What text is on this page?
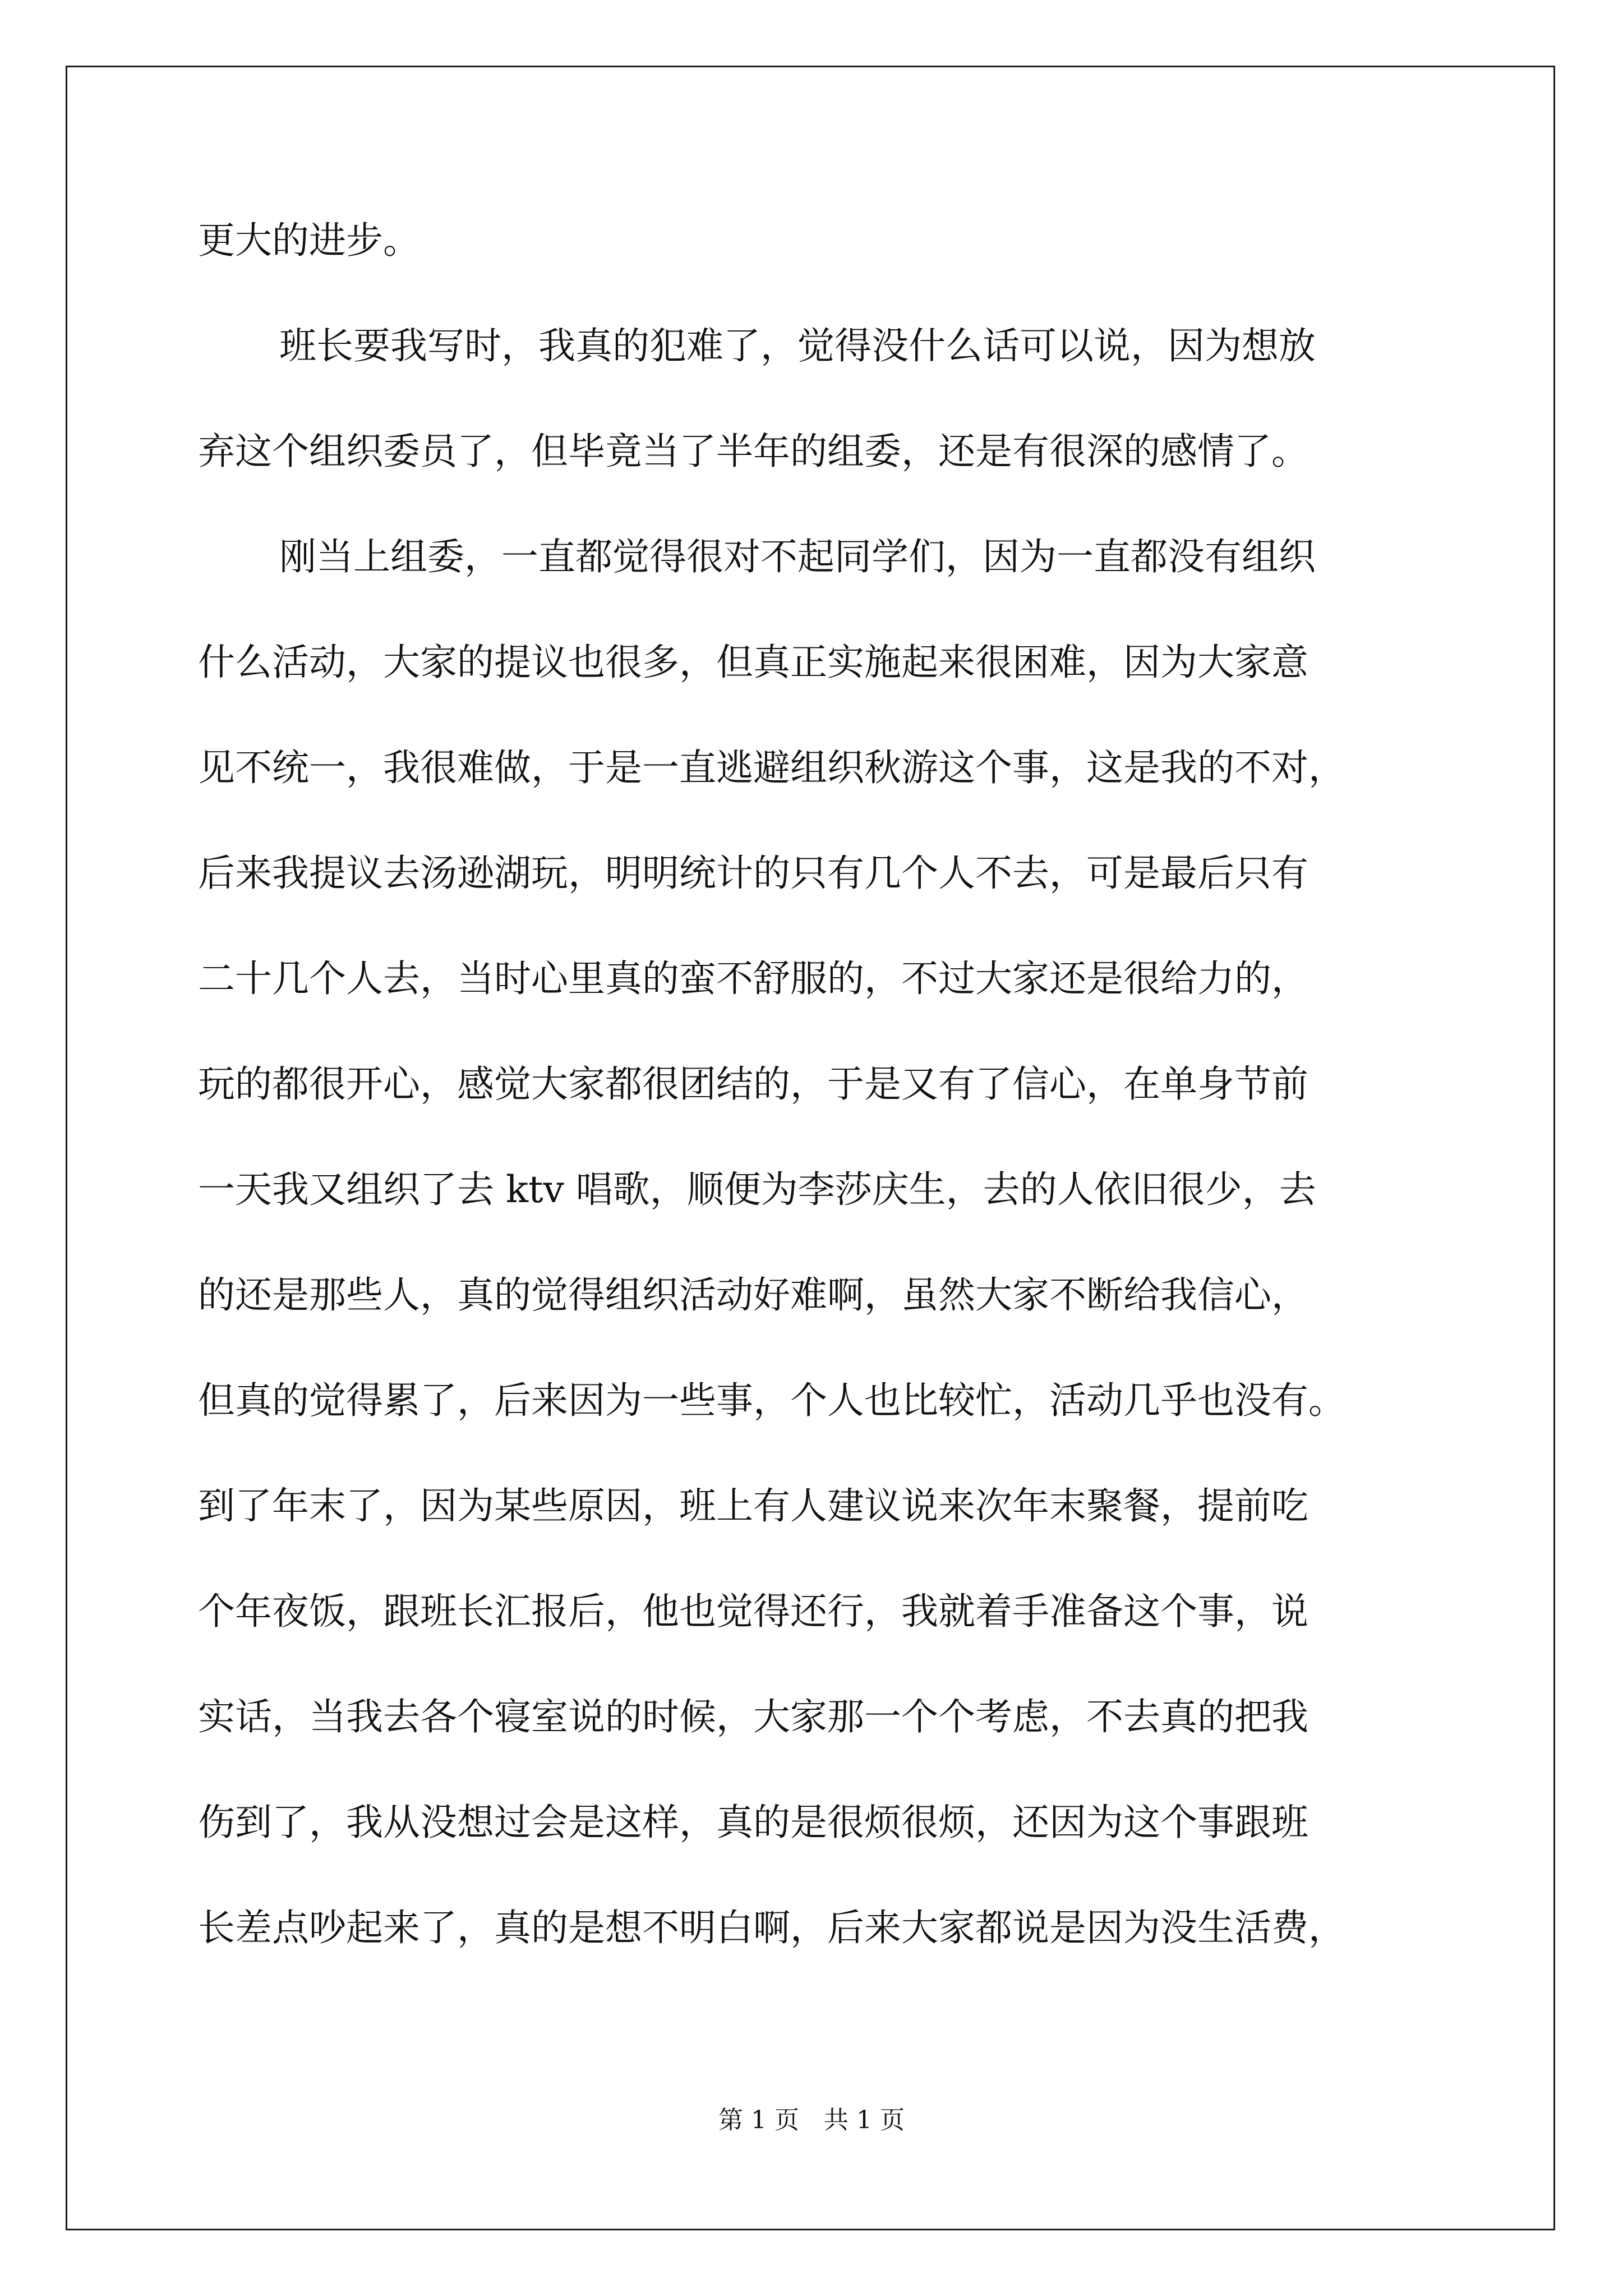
更大的进步。
班长要我写时，我真的犯难了，觉得没什么话可以说，因为想放
弃这个组织委员了，但毕竟当了半年的组委，还是有很深的感情了。
刚当上组委，一直都觉得很对不起同学们，因为一直都没有组织
什么活动，大家的提议也很多，但真正实施起来很困难，因为大家意
见不统一，我很难做，于是一直逃避组织秋游这个事，这是我的不对，
后来我提议去汤逊湖玩，明明统计的只有几个人不去，可是最后只有
二十几个人去，当时心里真的蛮不舒服的，不过大家还是很给力的，
玩的都很开心，感觉大家都很团结的，于是又有了信心，在单身节前
一天我又组织了去 ktv 唱歌，顺便为李莎庆生，去的人依旧很少，去
的还是那些人，真的觉得组织活动好难啊，虽然大家不断给我信心，
但真的觉得累了，后来因为一些事，个人也比较忙，活动几乎也没有。
到了年末了，因为某些原因，班上有人建议说来次年末聚餐，提前吃
个年夜饭，跟班长汇报后，他也觉得还行，我就着手准备这个事，说
实话，当我去各个寝室说的时候，大家那一个个考虑，不去真的把我
伤到了，我从没想过会是这样，真的是很烦很烦，还因为这个事跟班
长差点吵起来了，真的是想不明白啊，后来大家都说是因为没生活费，
第 1 页 共 1 页
